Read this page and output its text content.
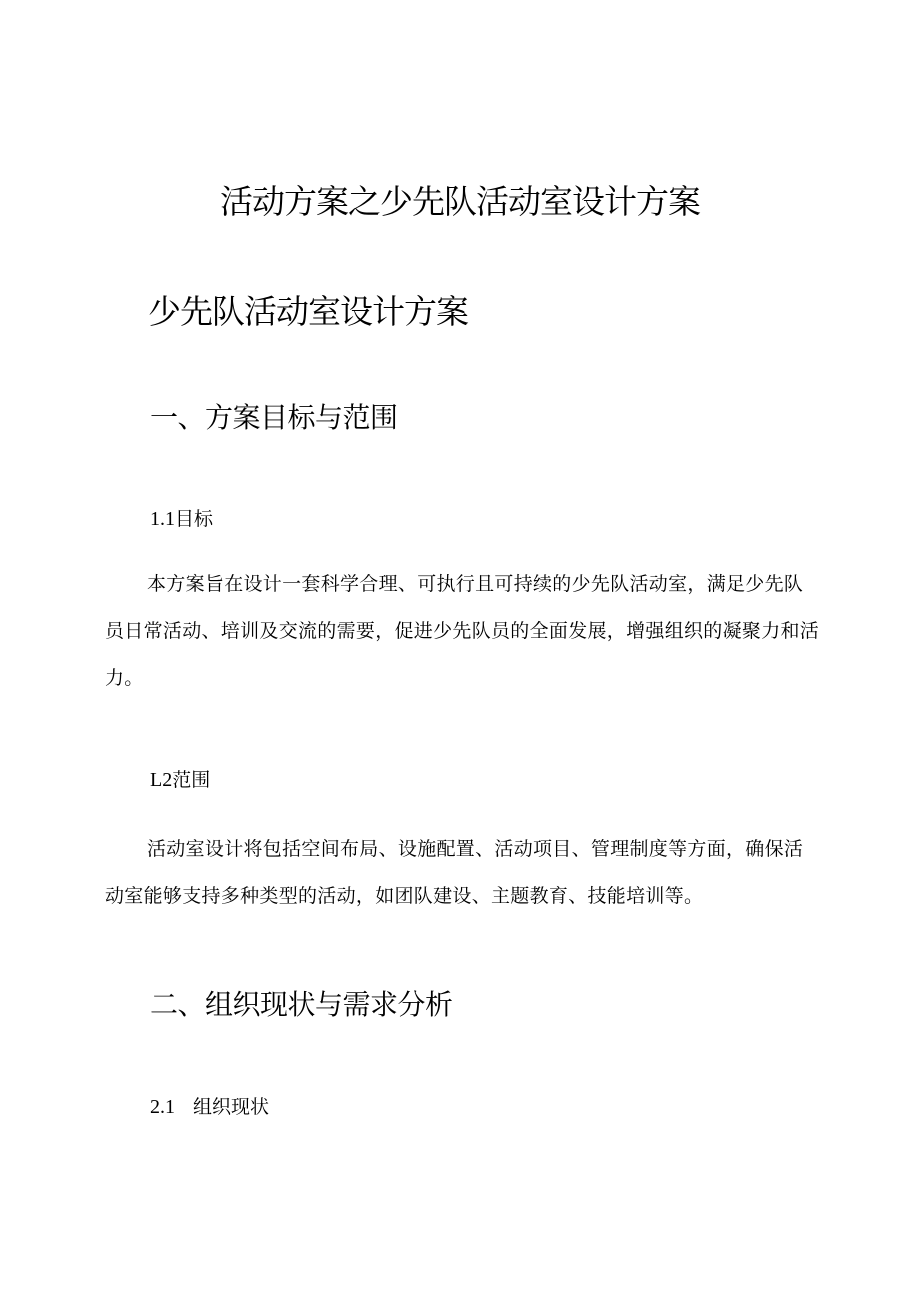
活动方案之少先队活动室设计方案
少先队活动室设计方案
一、方案目标与范围
1.1目标
本方案旨在设计一套科学合理、可执行且可持续的少先队活动室，满足少先队员日常活动、培训及交流的需要，促进少先队员的全面发展，增强组织的凝聚力和活力。
L2范围
活动室设计将包括空间布局、设施配置、活动项目、管理制度等方面，确保活动室能够支持多种类型的活动，如团队建设、主题教育、技能培训等。
二、组织现状与需求分析
2.1 组织现状
